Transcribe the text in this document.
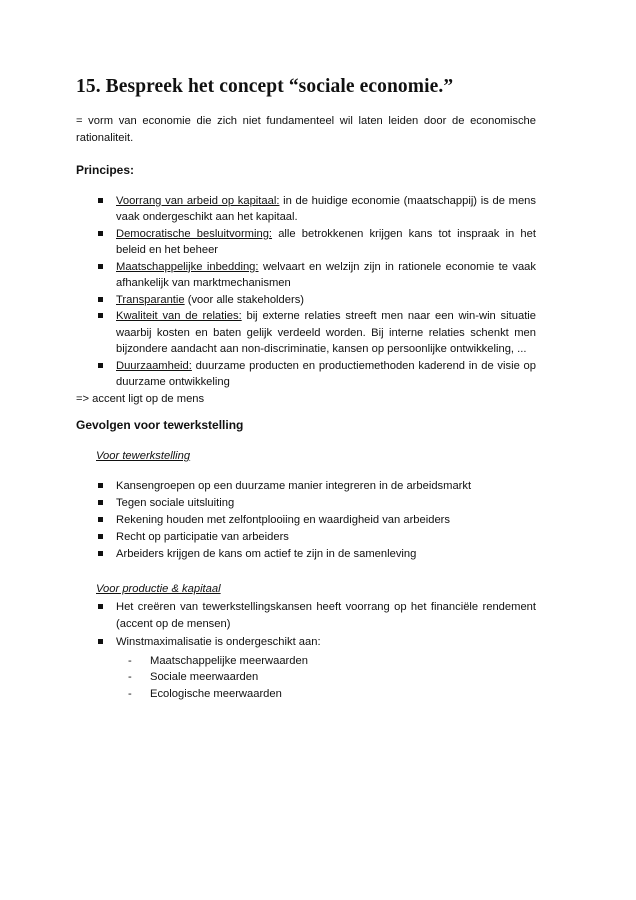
15. Bespreek het concept “sociale economie.”

= vorm van economie die zich niet fundamenteel wil laten leiden door de economische rationaliteit.

Principes:

Voorrang van arbeid op kapitaal: in de huidige economie (maatschappij) is de mens vaak ondergeschikt aan het kapitaal.
Democratische besluitvorming: alle betrokkenen krijgen kans tot inspraak in het beleid en het beheer
Maatschappelijke inbedding: welvaart en welzijn zijn in rationele economie te vaak afhankelijk van marktmechanismen
Transparantie (voor alle stakeholders)
Kwaliteit van de relaties: bij externe relaties streeft men naar een win-win situatie waarbij kosten en baten gelijk verdeeld worden. Bij interne relaties schenkt men bijzondere aandacht aan non-discriminatie, kansen op persoonlijke ontwikkeling, ...
Duurzaamheid: duurzame producten en productiemethoden kaderend in de visie op duurzame ontwikkeling

=> accent ligt op de mens

Gevolgen voor tewerkstelling

Voor tewerkstelling

Kansengroepen op een duurzame manier integreren in de arbeidsmarkt
Tegen sociale uitsluiting
Rekening houden met zelfontplooiing en waardigheid van arbeiders
Recht op participatie van arbeiders
Arbeiders krijgen de kans om actief te zijn in de samenleving

Voor productie & kapitaal

Het creëren van tewerkstellingskansen heeft voorrang op het financiële rendement (accent op de mensen)
Winstmaximalisatie is ondergeschikt aan:
- Maatschappelijke meerwaarden
- Sociale meerwaarden
- Ecologische meerwaarden
